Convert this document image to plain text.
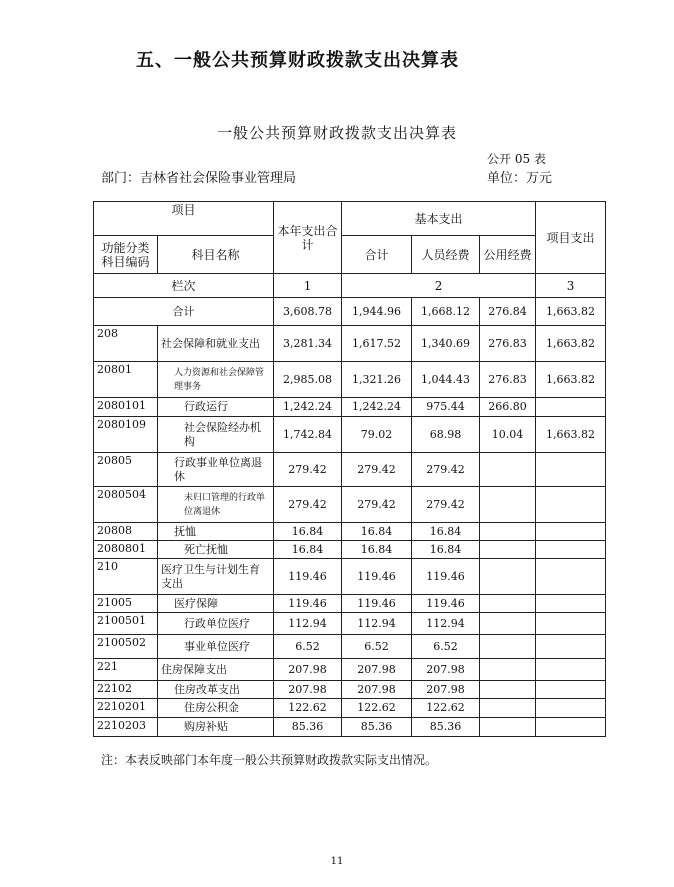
五、一般公共预算财政拨款支出决算表
一般公共预算财政拨款支出决算表
公开 05 表
部门：吉林省社会保险事业管理局	单位：万元
项目		本年支出合计	基本支出			项目支出
功能分类科目编码	科目名称		合计	人员经费	公用经费	
栏次		1	2			3
合计		3,608.78	1,944.96	1,668.12	276.84	1,663.82
208	社会保障和就业支出	3,281.34	1,617.52	1,340.69	276.83	1,663.82
20801	人力资源和社会保障管理事务	2,985.08	1,321.26	1,044.43	276.83	1,663.82
2080101	行政运行	1,242.24	1,242.24	975.44	266.80	
2080109	社会保险经办机构	1,742.84	79.02	68.98	10.04	1,663.82
20805	行政事业单位离退休	279.42	279.42	279.42		
2080504	未归口管理的行政单位离退休	279.42	279.42	279.42		
20808	抚恤	16.84	16.84	16.84		
2080801	死亡抚恤	16.84	16.84	16.84		
210	医疗卫生与计划生育支出	119.46	119.46	119.46		
21005	医疗保障	119.46	119.46	119.46		
2100501	行政单位医疗	112.94	112.94	112.94		
2100502	事业单位医疗	6.52	6.52	6.52		
221	住房保障支出	207.98	207.98	207.98		
22102	住房改革支出	207.98	207.98	207.98		
2210201	住房公积金	122.62	122.62	122.62		
2210203	购房补贴	85.36	85.36	85.36		
注：本表反映部门本年度一般公共预算财政拨款实际支出情况。
11
